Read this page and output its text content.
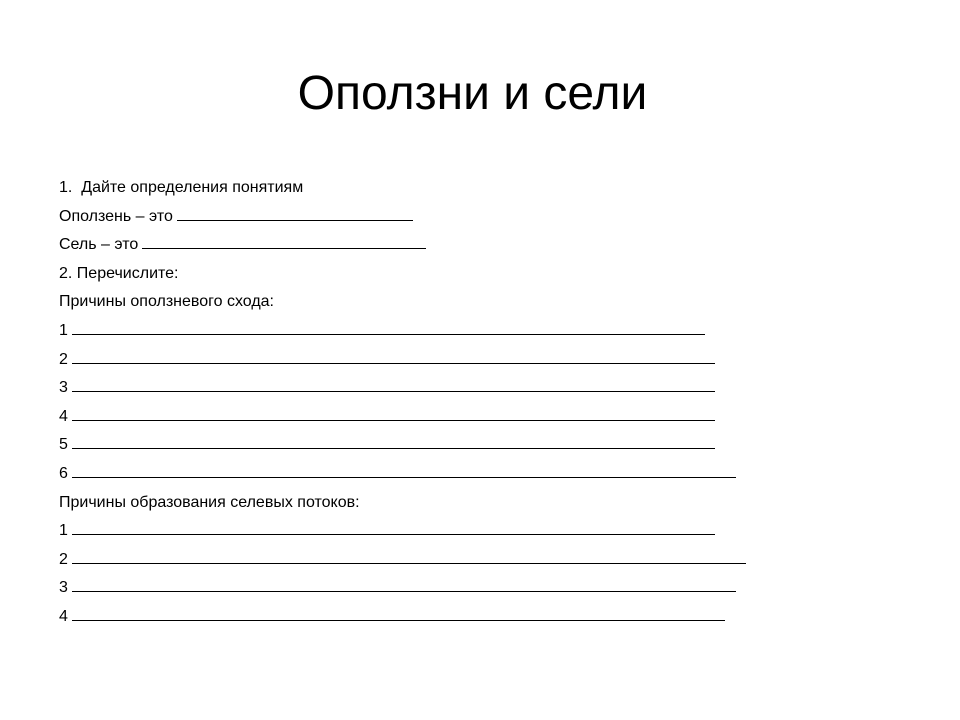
Оползни и сели
1.  Дайте определения понятиям
Оползень – это
Сель – это
2. Перечислите:
Причины оползневого схода:
1
2
3
4
5
6
Причины образования селевых потоков:
1
2
3
4
